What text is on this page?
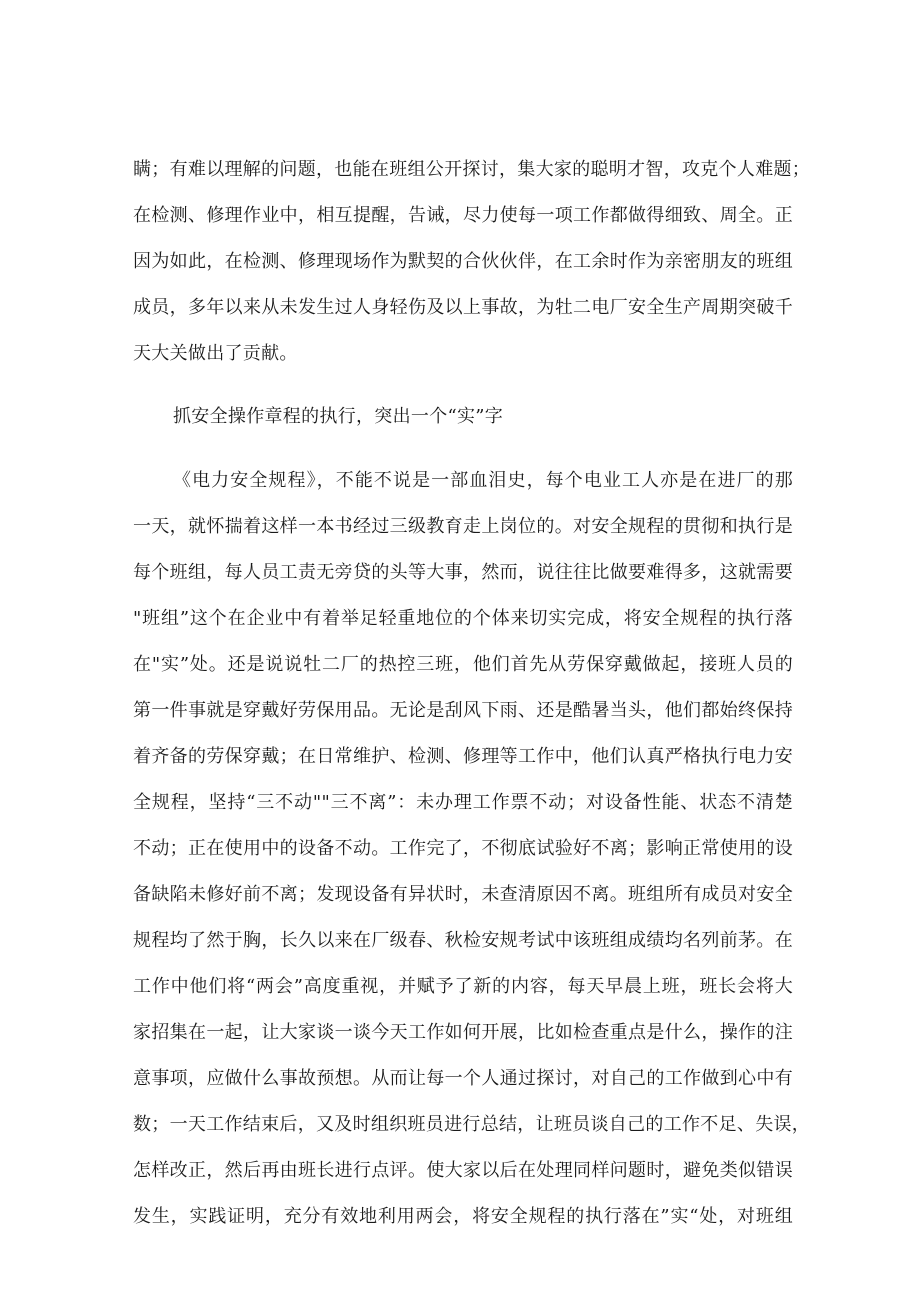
瞒；有难以理解的问题，也能在班组公开探讨，集大家的聪明才智，攻克个人难题；
在检测、修理作业中，相互提醒，告诫，尽力使每一项工作都做得细致、周全。正
因为如此，在检测、修理现场作为默契的合伙伙伴，在工余时作为亲密朋友的班组
成员，多年以来从未发生过人身轻伤及以上事故，为牡二电厂安全生产周期突破千
天大关做出了贡献。
抓安全操作章程的执行，突出一个“实”字
《电力安全规程》，不能不说是一部血泪史，每个电业工人亦是在进厂的那
一天，就怀揣着这样一本书经过三级教育走上岗位的。对安全规程的贯彻和执行是
每个班组，每人员工责无旁贷的头等大事，然而，说往往比做要难得多，这就需要
"班组”这个在企业中有着举足轻重地位的个体来切实完成，将安全规程的执行落
在"实”处。还是说说牡二厂的热控三班，他们首先从劳保穿戴做起，接班人员的
第一件事就是穿戴好劳保用品。无论是刮风下雨、还是酷暑当头，他们都始终保持
着齐备的劳保穿戴；在日常维护、检测、修理等工作中，他们认真严格执行电力安
全规程，坚持“三不动""三不离”：未办理工作票不动；对设备性能、状态不清楚
不动；正在使用中的设备不动。工作完了，不彻底试验好不离；影响正常使用的设
备缺陷未修好前不离；发现设备有异状时，未查清原因不离。班组所有成员对安全
规程均了然于胸，长久以来在厂级春、秋检安规考试中该班组成绩均名列前茅。在
工作中他们将“两会”高度重视，并赋予了新的内容，每天早晨上班，班长会将大
家招集在一起，让大家谈一谈今天工作如何开展，比如检查重点是什么，操作的注
意事项，应做什么事故预想。从而让每一个人通过探讨，对自己的工作做到心中有
数；一天工作结束后，又及时组织班员进行总结，让班员谈自己的工作不足、失误，
怎样改正，然后再由班长进行点评。使大家以后在处理同样问题时，避免类似错误
发生，实践证明，充分有效地利用两会，将安全规程的执行落在”实“处，对班组
